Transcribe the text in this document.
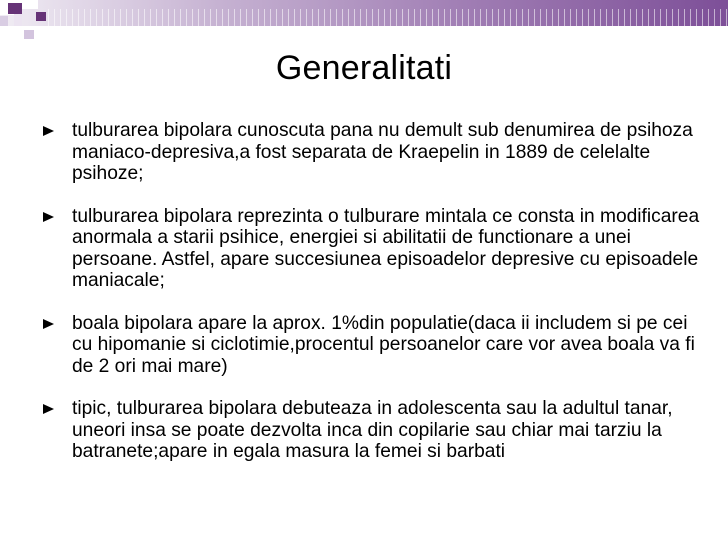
Generalitati
tulburarea bipolara cunoscuta pana nu demult sub denumirea de psihoza maniaco-depresiva,a fost separata de Kraepelin in 1889 de celelalte psihoze;
tulburarea bipolara reprezinta o tulburare mintala ce consta in modificarea anormala a starii psihice, energiei si abilitatii de functionare a unei persoane. Astfel, apare succesiunea episoadelor depresive cu episoadele maniacale;
boala bipolara apare la aprox. 1%din populatie(daca ii includem si pe cei cu hipomanie si ciclotimie,procentul persoanelor care vor avea boala va fi de 2 ori mai mare)
tipic, tulburarea bipolara debuteaza in adolescenta sau la adultul tanar, uneori insa se poate dezvolta inca din copilarie sau chiar mai tarziu la batranete;apare in egala masura la femei si barbati
